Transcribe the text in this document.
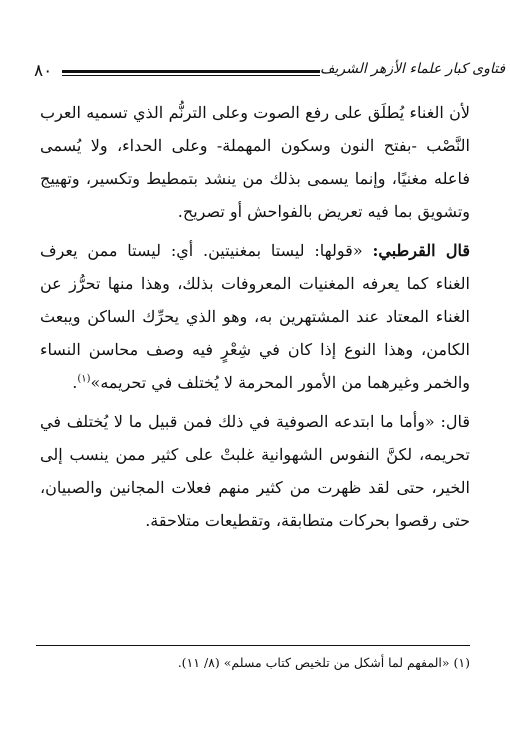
٨٠	فتاوى كبار علماء الأزهر الشريف

لأن الغناء يُطلَق على رفع الصوت وعلى الترنُّم الذي تسميه العرب النَّصْب -بفتح النون وسكون المهملة- وعلى الحداء، ولا يُسمى فاعله مغنيًا، وإنما يسمى بذلك من ينشد بتمطيط وتكسير، وتهييج وتشويق بما فيه تعريض بالفواحش أو تصريح.

قال القرطبي: «قولها: ليستا بمغنيتين. أي: ليستا ممن يعرف الغناء كما يعرفه المغنيات المعروفات بذلك، وهذا منها تحرُّز عن الغناء المعتاد عند المشتهرين به، وهو الذي يحرِّك الساكن ويبعث الكامن، وهذا النوع إذا كان في شِعْرٍ فيه وصف محاسن النساء والخمر وغيرهما من الأمور المحرمة لا يُختلف في تحريمه»$^{(١)}$.

قال: «وأما ما ابتدعه الصوفية في ذلك فمن قبيل ما لا يُختلف في تحريمه، لكنَّ النفوس الشهوانية غلبتْ على كثير ممن ينسب إلى الخير، حتى لقد ظهرت من كثير منهم فعلات المجانين والصبيان، حتى رقصوا بحركات متطابقة، وتقطيعات متلاحقة.

(١) «المفهم لما أشكل من تلخيص كتاب مسلم» (٨/ ١١).
